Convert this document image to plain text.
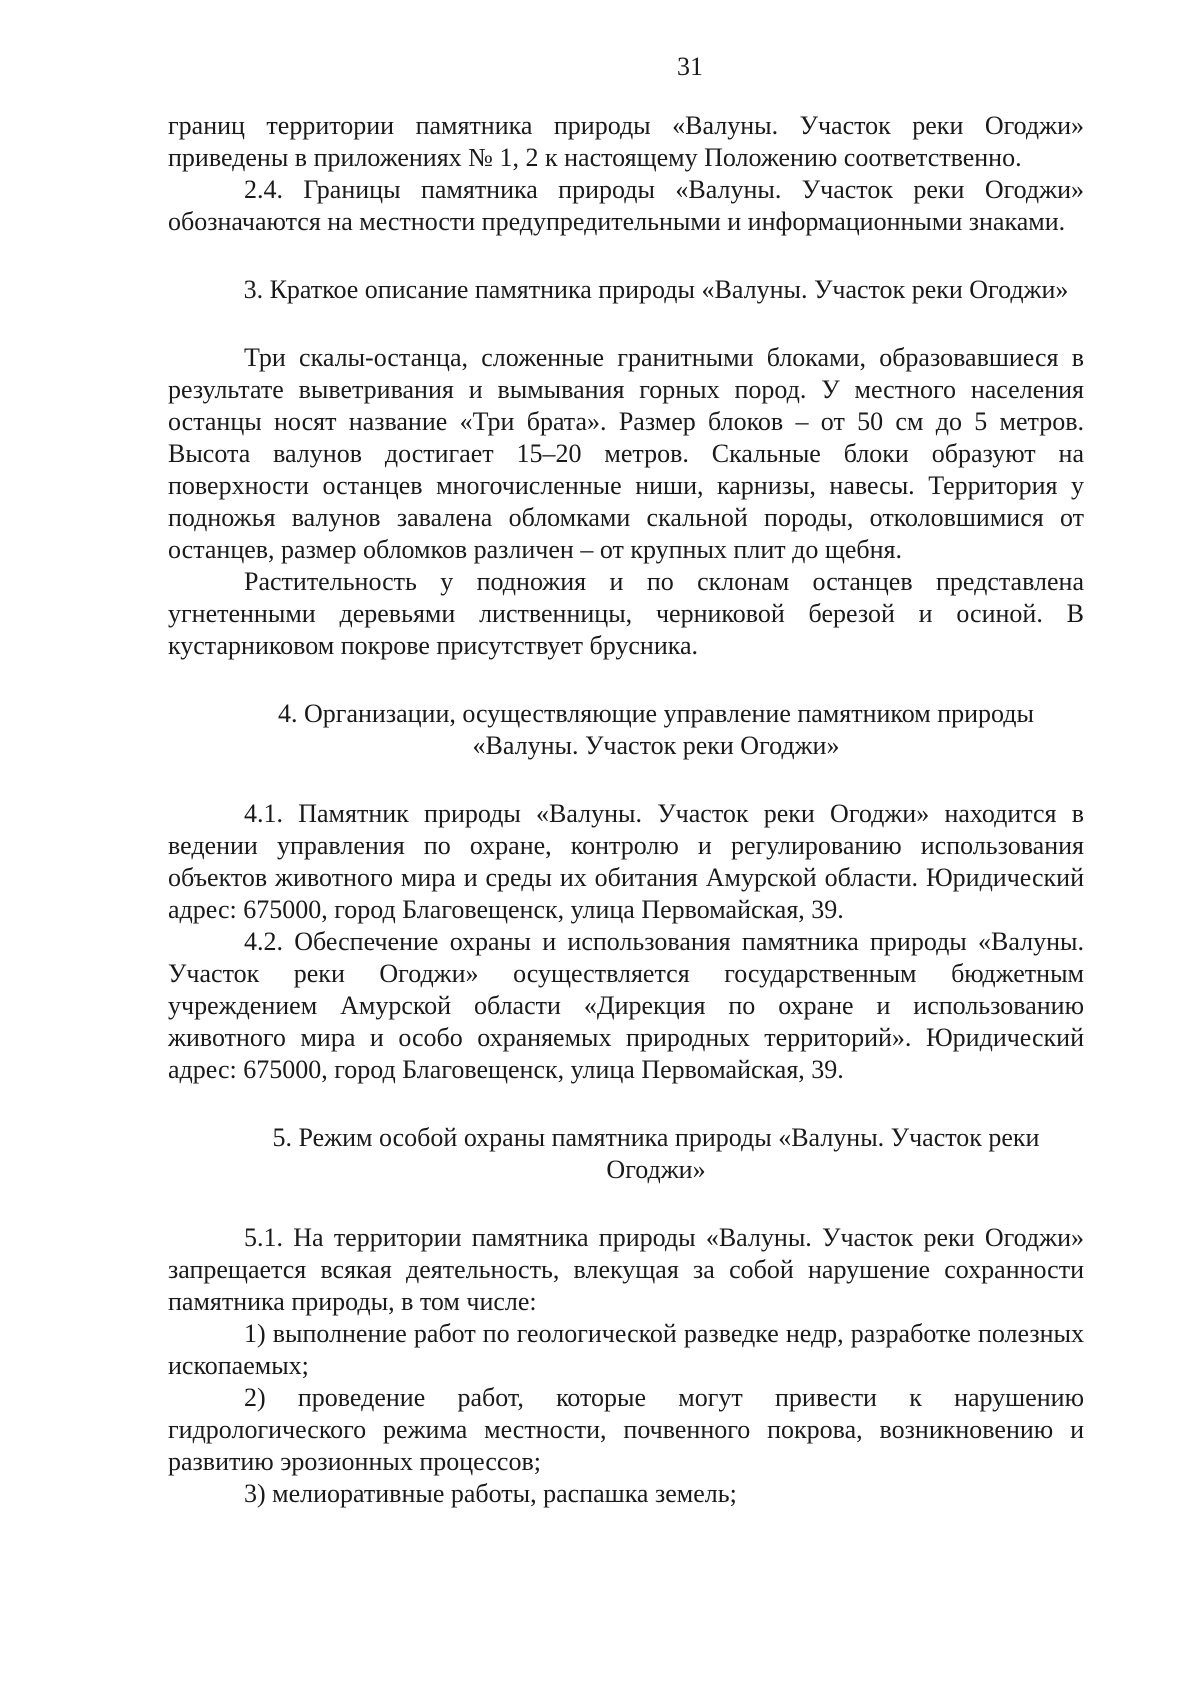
31

границ территории памятника природы «Валуны. Участок реки Огоджи» приведены в приложениях № 1, 2 к настоящему Положению соответственно.

2.4. Границы памятника природы «Валуны. Участок реки Огоджи» обозначаются на местности предупредительными и информационными знаками.

3. Краткое описание памятника природы «Валуны. Участок реки Огоджи»

Три скалы-останца, сложенные гранитными блоками, образовавшиеся в результате выветривания и вымывания горных пород. У местного населения останцы носят название «Три брата». Размер блоков – от 50 см до 5 метров. Высота валунов достигает 15–20 метров. Скальные блоки образуют на поверхности останцев многочисленные ниши, карнизы, навесы. Территория у подножья валунов завалена обломками скальной породы, отколовшимися от останцев, размер обломков различен – от крупных плит до щебня.

Растительность у подножия и по склонам останцев представлена угнетенными деревьями лиственницы, черниковой березой и осиной. В кустарниковом покрове присутствует брусника.

4. Организации, осуществляющие управление памятником природы «Валуны. Участок реки Огоджи»

4.1. Памятник природы «Валуны. Участок реки Огоджи» находится в ведении управления по охране, контролю и регулированию использования объектов животного мира и среды их обитания Амурской области. Юридический адрес: 675000, город Благовещенск, улица Первомайская, 39.

4.2. Обеспечение охраны и использования памятника природы «Валуны. Участок реки Огоджи» осуществляется государственным бюджетным учреждением Амурской области «Дирекция по охране и использованию животного мира и особо охраняемых природных территорий». Юридический адрес: 675000, город Благовещенск, улица Первомайская, 39.

5. Режим особой охраны памятника природы «Валуны. Участок реки Огоджи»

5.1. На территории памятника природы «Валуны. Участок реки Огоджи» запрещается всякая деятельность, влекущая за собой нарушение сохранности памятника природы, в том числе:

1) выполнение работ по геологической разведке недр, разработке полезных ископаемых;

2) проведение работ, которые могут привести к нарушению гидрологического режима местности, почвенного покрова, возникновению и развитию эрозионных процессов;

3) мелиоративные работы, распашка земель;
